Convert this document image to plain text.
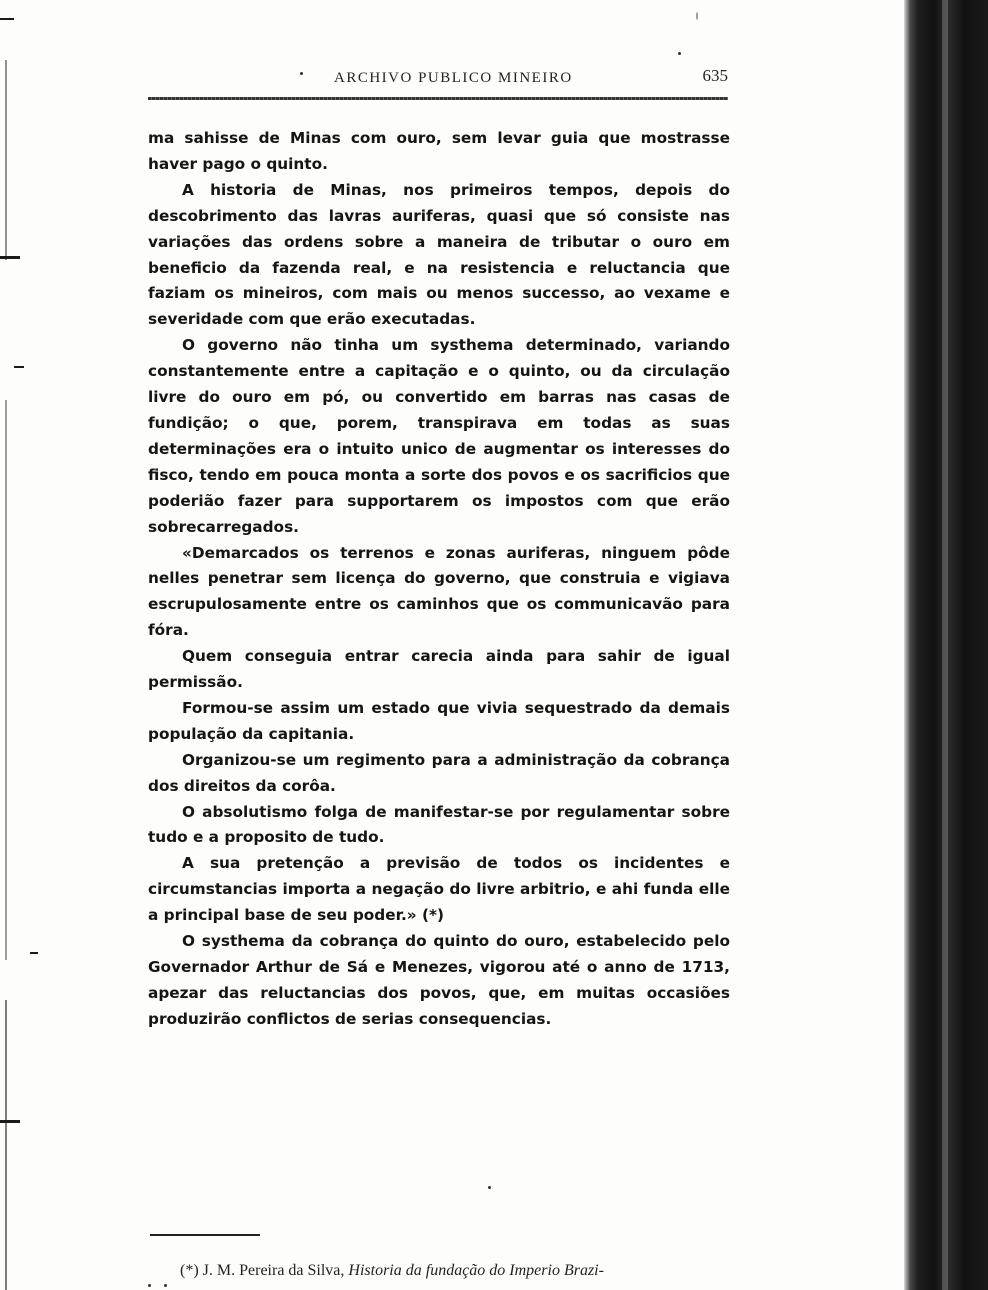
ARCHIVO PUBLICO MINEIRO	635

ma sahisse de Minas com ouro, sem levar guia que mostrasse haver pago o quinto.

A historia de Minas, nos primeiros tempos, depois do descobrimento das lavras auriferas, quasi que só consiste nas variações das ordens sobre a maneira de tributar o ouro em beneficio da fazenda real, e na resistencia e reluctancia que faziam os mineiros, com mais ou menos successo, ao vexame e severidade com que erão executadas.

O governo não tinha um systhema determinado, variando constantemente entre a capitação e o quinto, ou da circulação livre do ouro em pó, ou convertido em barras nas casas de fundição; o que, porem, transpirava em todas as suas determinações era o intuito unico de augmentar os interesses do fisco, tendo em pouca monta a sorte dos povos e os sacrificios que poderião fazer para supportarem os impostos com que erão sobrecarregados.

«Demarcados os terrenos e zonas auriferas, ninguem pôde nelles penetrar sem licença do governo, que construia e vigiava escrupulosamente entre os caminhos que os communicavão para fóra.

Quem conseguia entrar carecia ainda para sahir de igual permissão.

Formou-se assim um estado que vivia sequestrado da demais população da capitania.

Organizou-se um regimento para a administração da cobrança dos direitos da corôa.

O absolutismo folga de manifestar-se por regulamentar sobre tudo e a proposito de tudo.

A sua pretenção a previsão de todos os incidentes e circumstancias importa a negação do livre arbitrio, e ahi funda elle a principal base de seu poder.» (*)

O systhema da cobrança do quinto do ouro, estabelecido pelo Governador Arthur de Sá e Menezes, vigorou até o anno de 1713, apezar das reluctancias dos povos, que, em muitas occasiões produzirão conflictos de serias consequencias.

(*) J. M. Pereira da Silva, Historia da fundação do Imperio Brazi-
